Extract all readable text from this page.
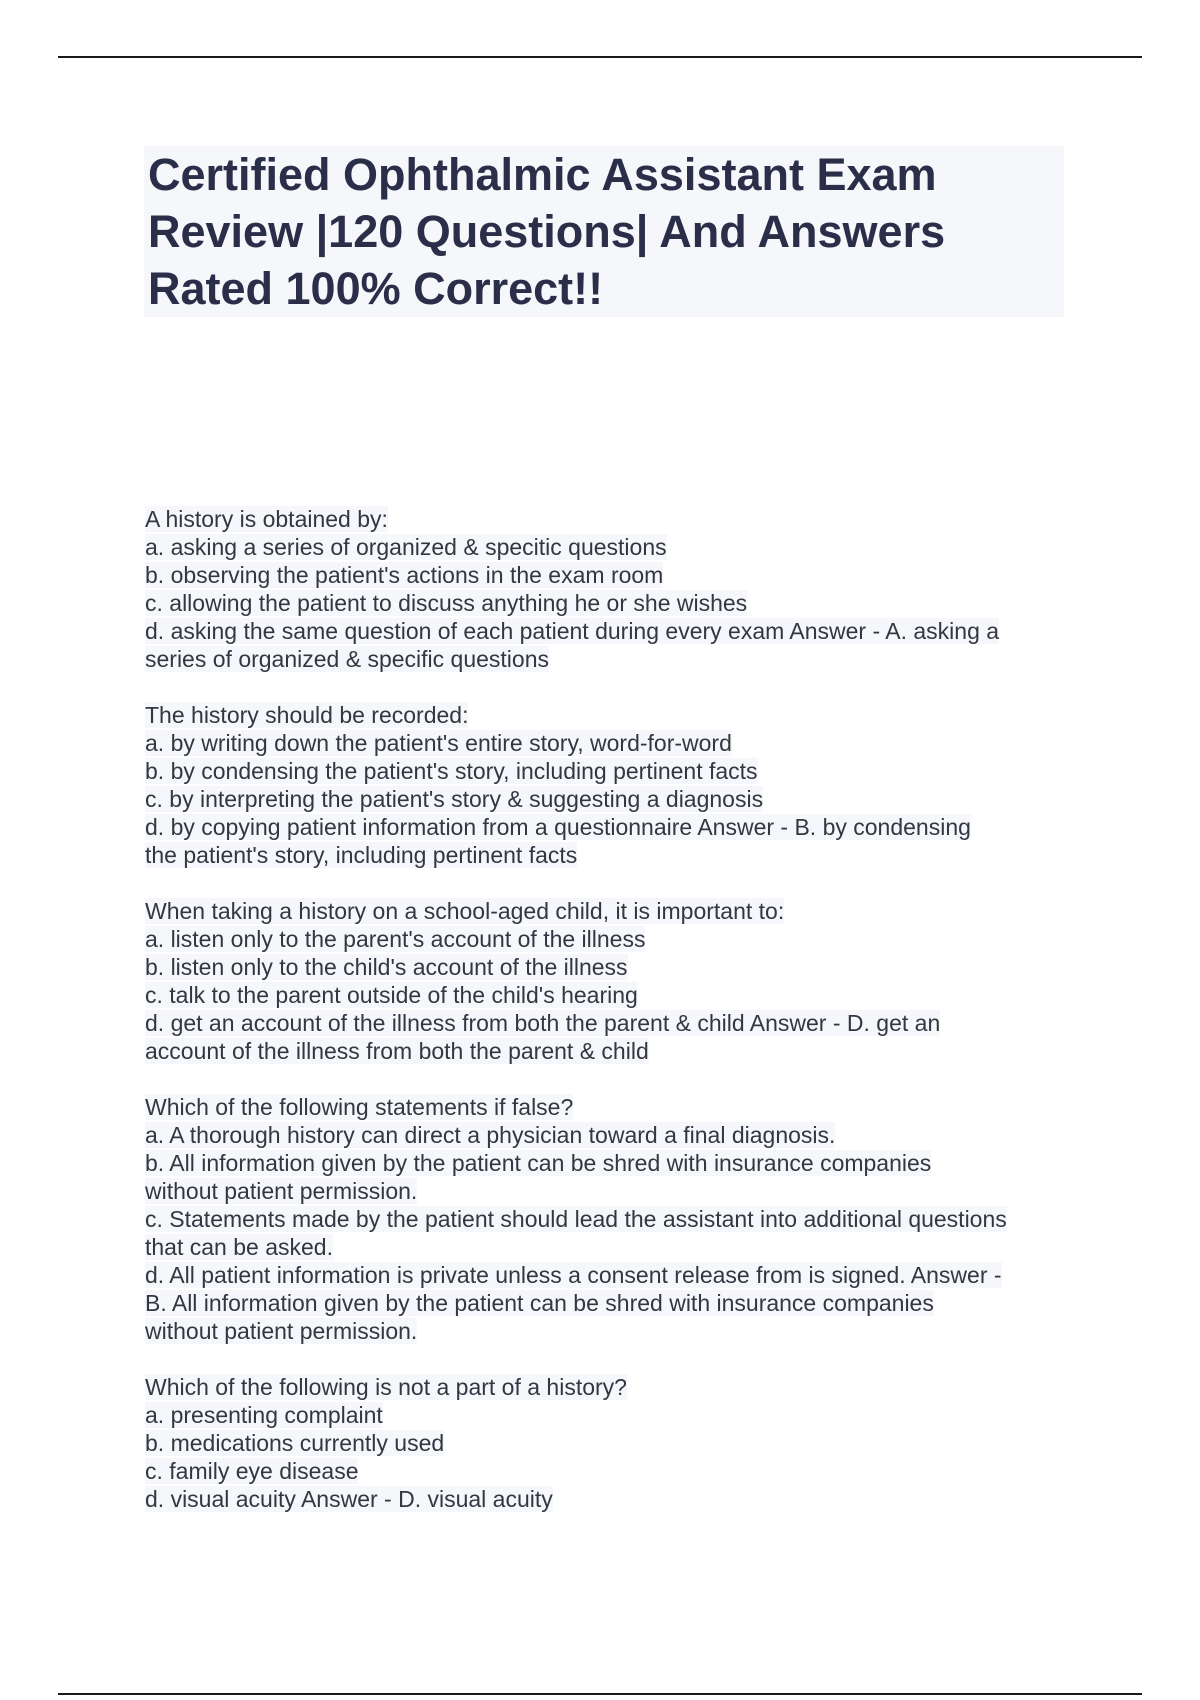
Certified Ophthalmic Assistant Exam
Review |120 Questions| And Answers
Rated 100% Correct!!
A history is obtained by:
a. asking a series of organized & specitic questions
b. observing the patient's actions in the exam room
c. allowing the patient to discuss anything he or she wishes
d. asking the same question of each patient during every exam Answer - A. asking a
series of organized & specific questions
The history should be recorded:
a. by writing down the patient's entire story, word-for-word
b. by condensing the patient's story, including pertinent facts
c. by interpreting the patient's story & suggesting a diagnosis
d. by copying patient information from a questionnaire Answer - B. by condensing
the patient's story, including pertinent facts
When taking a history on a school-aged child, it is important to:
a. listen only to the parent's account of the illness
b. listen only to the child's account of the illness
c. talk to the parent outside of the child's hearing
d. get an account of the illness from both the parent & child Answer - D. get an
account of the illness from both the parent & child
Which of the following statements if false?
a. A thorough history can direct a physician toward a final diagnosis.
b. All information given by the patient can be shred with insurance companies
without patient permission.
c. Statements made by the patient should lead the assistant into additional questions
that can be asked.
d. All patient information is private unless a consent release from is signed. Answer -
B. All information given by the patient can be shred with insurance companies
without patient permission.
Which of the following is not a part of a history?
a. presenting complaint
b. medications currently used
c. family eye disease
d. visual acuity Answer - D. visual acuity
